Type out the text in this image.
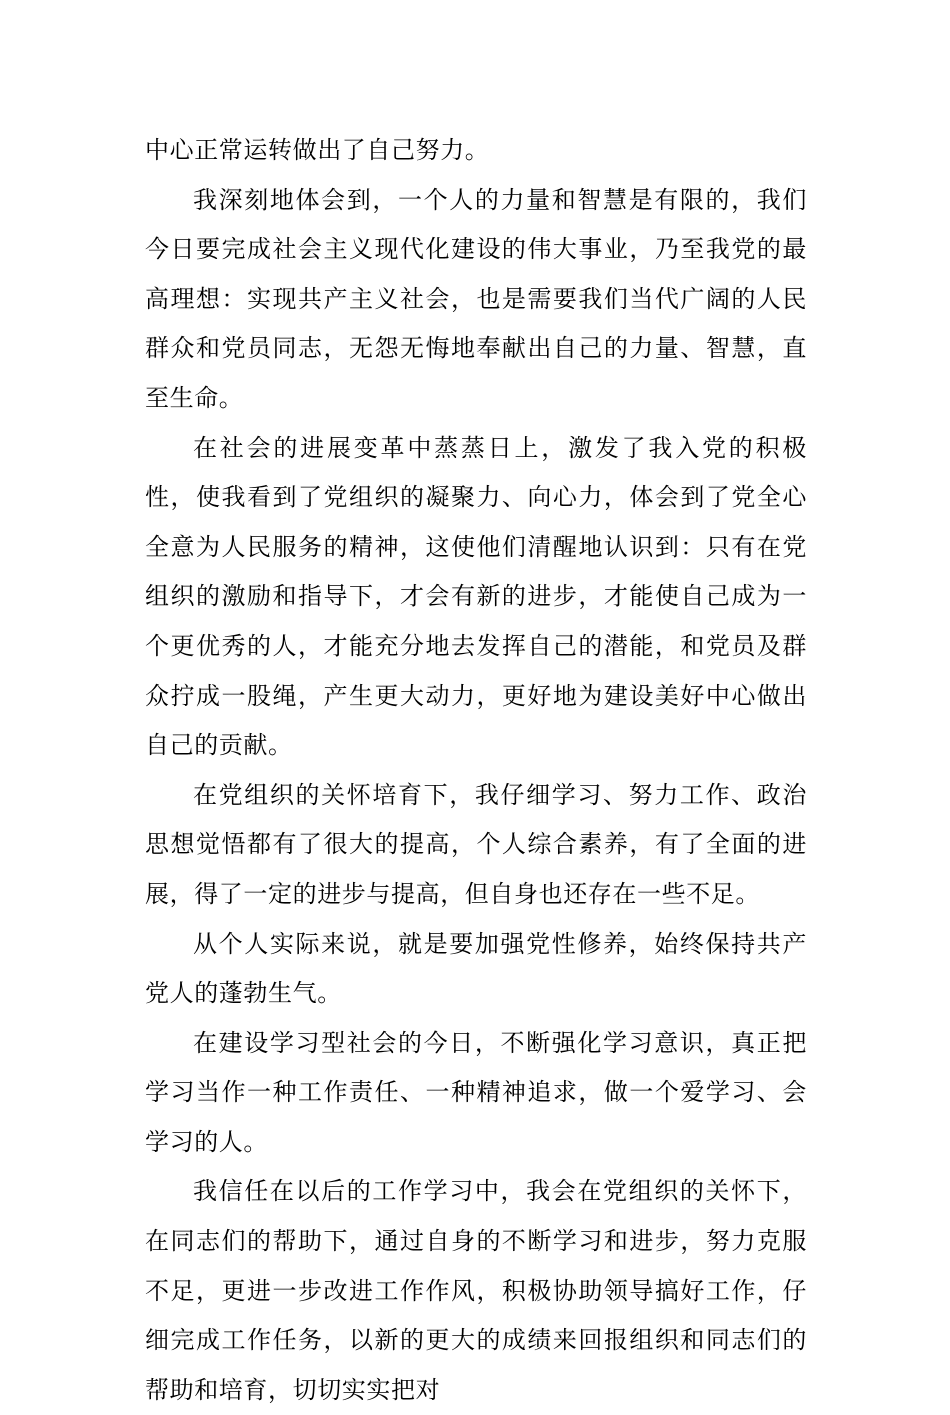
中心正常运转做出了自己努力。

我深刻地体会到，一个人的力量和智慧是有限的，我们今日要完成社会主义现代化建设的伟大事业，乃至我党的最高理想：实现共产主义社会，也是需要我们当代广阔的人民群众和党员同志，无怨无悔地奉献出自己的力量、智慧，直至生命。

在社会的进展变革中蒸蒸日上，激发了我入党的积极性，使我看到了党组织的凝聚力、向心力，体会到了党全心全意为人民服务的精神，这使他们清醒地认识到：只有在党组织的激励和指导下，才会有新的进步，才能使自己成为一个更优秀的人，才能充分地去发挥自己的潜能，和党员及群众拧成一股绳，产生更大动力，更好地为建设美好中心做出自己的贡献。

在党组织的关怀培育下，我仔细学习、努力工作、政治思想觉悟都有了很大的提高，个人综合素养，有了全面的进展，得了一定的进步与提高，但自身也还存在一些不足。

从个人实际来说，就是要加强党性修养，始终保持共产党人的蓬勃生气。

在建设学习型社会的今日，不断强化学习意识，真正把学习当作一种工作责任、一种精神追求，做一个爱学习、会学习的人。

我信任在以后的工作学习中，我会在党组织的关怀下，在同志们的帮助下，通过自身的不断学习和进步，努力克服不足，更进一步改进工作作风，积极协助领导搞好工作，仔细完成工作任务，以新的更大的成绩来回报组织和同志们的帮助和培育，切切实实把对
